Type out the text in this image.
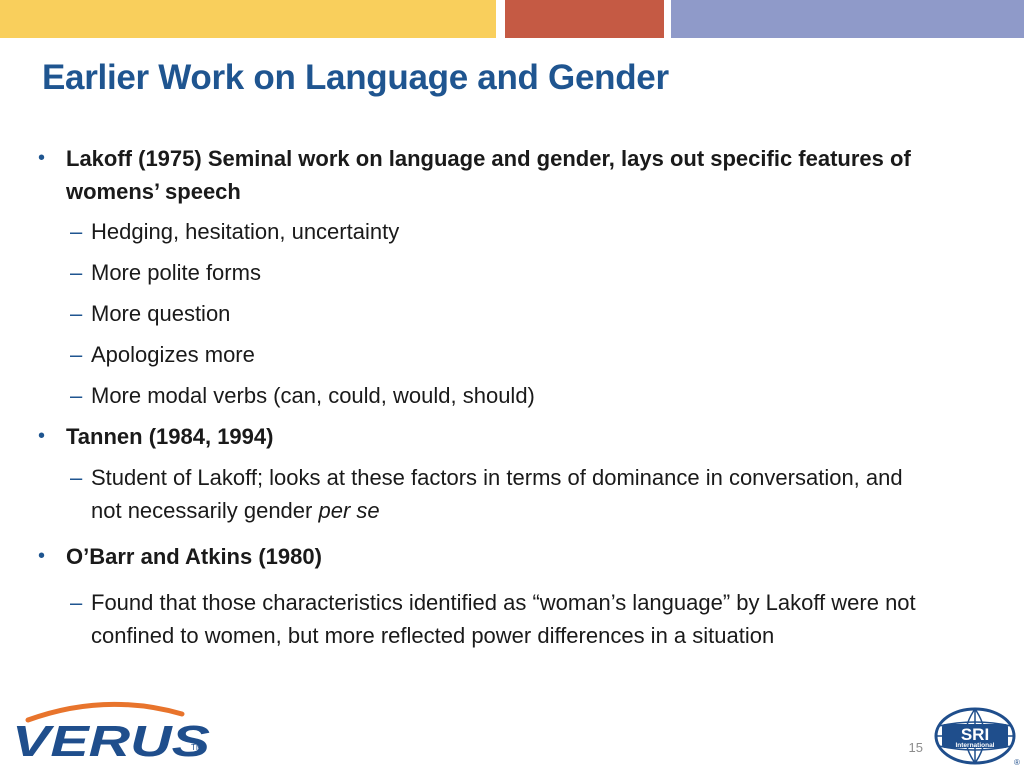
Earlier Work on Language and Gender
• Lakoff (1975) Seminal work on language and gender, lays out specific features of womens’ speech
– Hedging, hesitation, uncertainty
– More polite forms
– More question
– Apologizes more
– More modal verbs (can, could, would, should)
• Tannen (1984, 1994)
– Student of Lakoff; looks at these factors in terms of dominance in conversation, and not necessarily gender per se
• O’Barr and Atkins (1980)
– Found that those characteristics identified as “woman’s language” by Lakoff were not confined to women, but more reflected power differences in a situation
15
VERUS
TM
SRI
International
®
